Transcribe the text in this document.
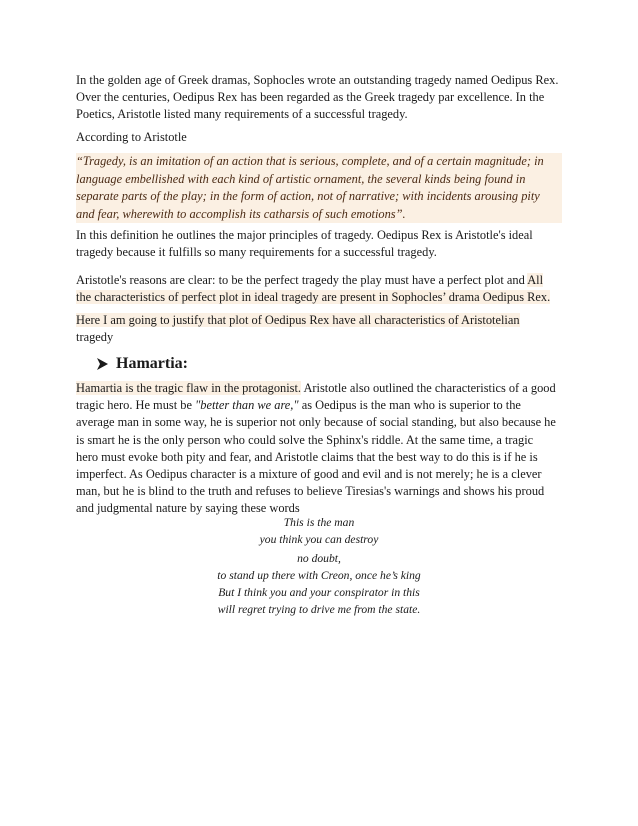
In the golden age of Greek dramas, Sophocles wrote an outstanding tragedy named Oedipus Rex.
Over the centuries, Oedipus Rex has been regarded as the Greek tragedy par excellence. In the
Poetics, Aristotle listed many requirements of a successful tragedy.
According to Aristotle
“Tragedy, is an imitation of an action that is serious, complete, and of a certain magnitude; in
language embellished with each kind of artistic ornament, the several kinds being found in
separate parts of the play; in the form of action, not of narrative; with incidents arousing pity
and fear, wherewith to accomplish its catharsis of such emotions”.
In this definition he outlines the major principles of tragedy. Oedipus Rex is Aristotle's ideal
tragedy because it fulfills so many requirements for a successful tragedy.
Aristotle's reasons are clear: to be the perfect tragedy the play must have a perfect plot and All
the characteristics of perfect plot in ideal tragedy are present in Sophocles’ drama Oedipus Rex.
Here I am going to justify that plot of Oedipus Rex have all characteristics of Aristotelian
tragedy
Hamartia:
Hamartia is the tragic flaw in the protagonist. Aristotle also outlined the characteristics of a good
tragic hero. He must be "better than we are," as Oedipus is the man who is superior to the
average man in some way, he is superior not only because of social standing, but also because he
is smart he is the only person who could solve the Sphinx's riddle. At the same time, a tragic
hero must evoke both pity and fear, and Aristotle claims that the best way to do this is if he is
imperfect. As Oedipus character is a mixture of good and evil and is not merely; he is a clever
man, but he is blind to the truth and refuses to believe Tiresias's warnings and shows his proud
and judgmental nature by saying these words
This is the man
you think you can destroy
no doubt,
to stand up there with Creon, once he’s king
But I think you and your conspirator in this
will regret trying to drive me from the state.
